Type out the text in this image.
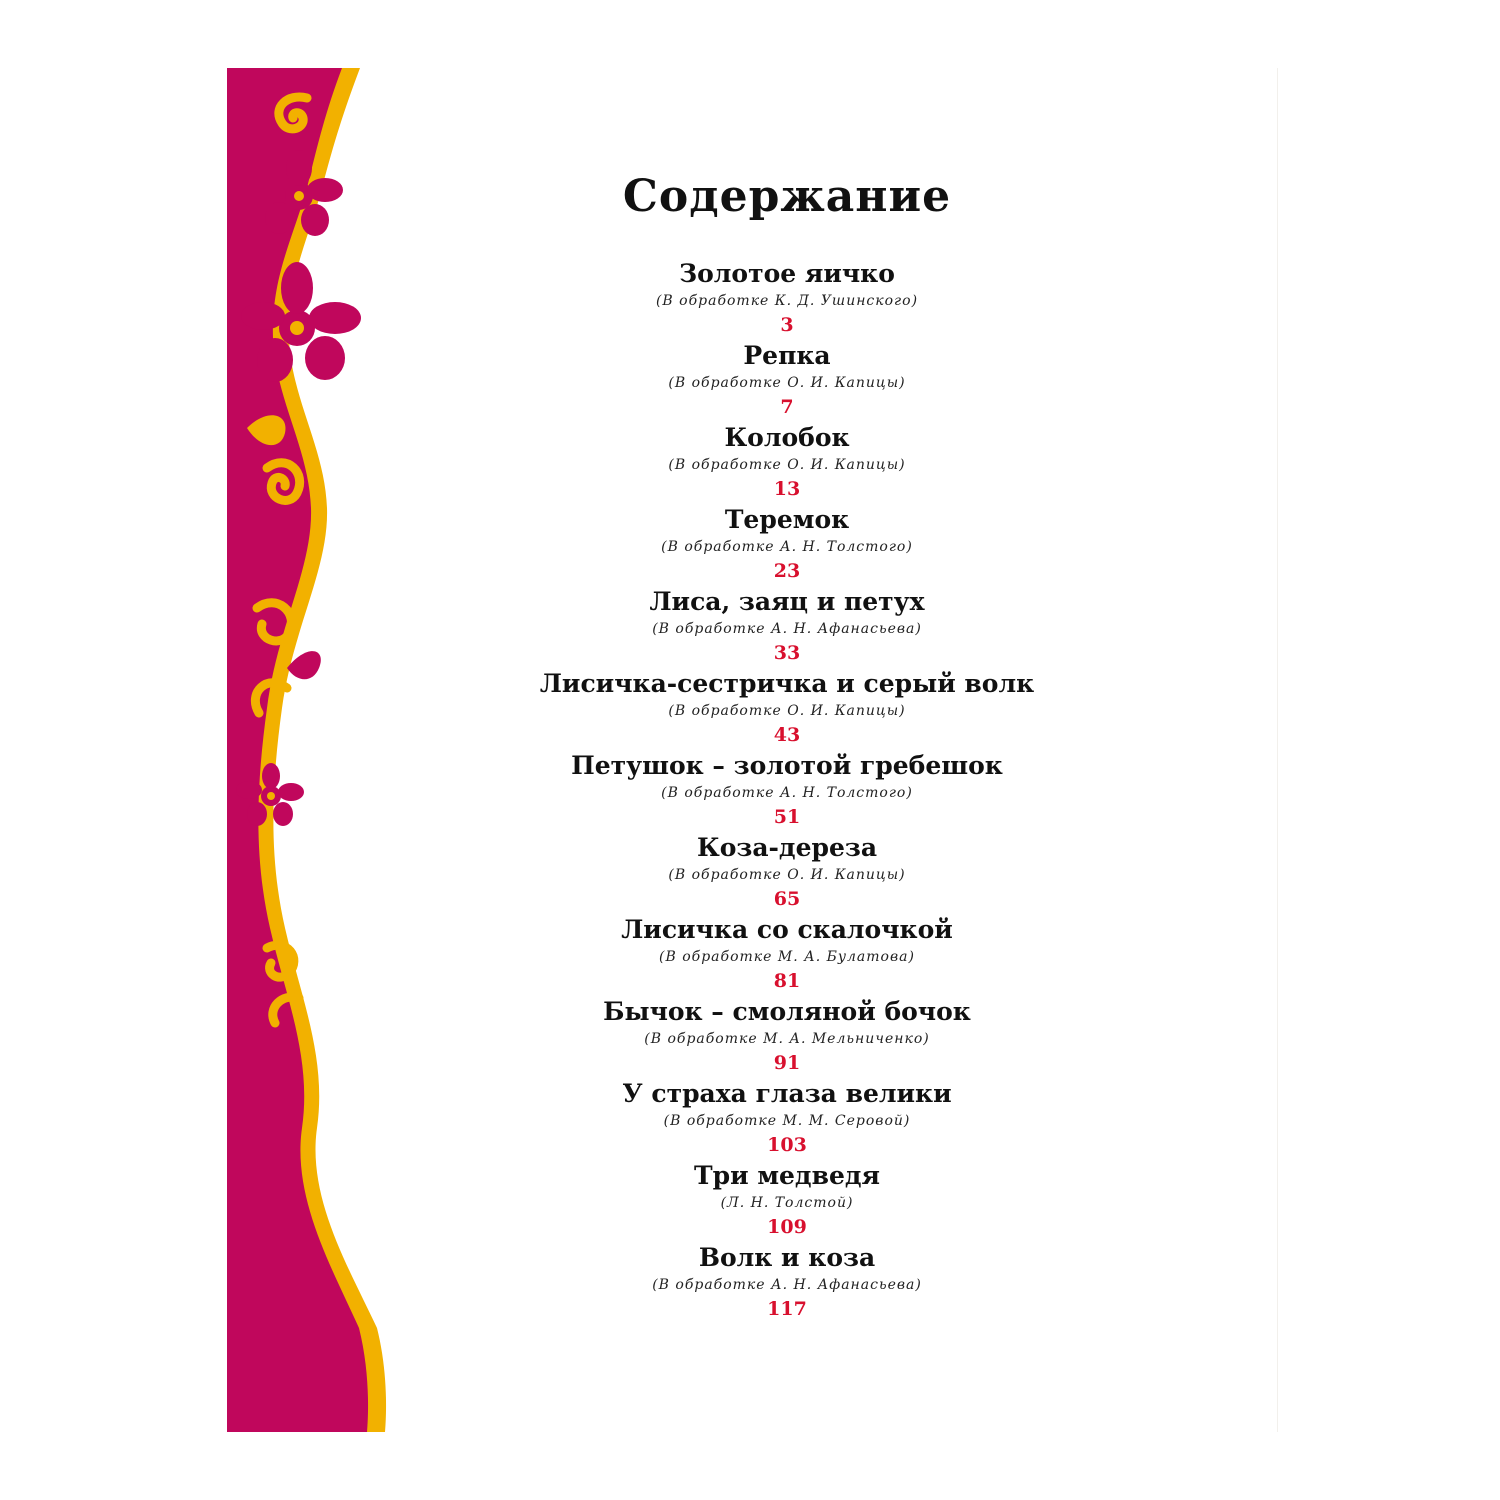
Содержание
Золотое яичко
(В обработке К. Д. Ушинского)
3
Репка
(В обработке О. И. Капицы)
7
Колобок
(В обработке О. И. Капицы)
13
Теремок
(В обработке А. Н. Толстого)
23
Лиса, заяц и петух
(В обработке А. Н. Афанасьева)
33
Лисичка-сестричка и серый волк
(В обработке О. И. Капицы)
43
Петушок – золотой гребешок
(В обработке А. Н. Толстого)
51
Коза-дереза
(В обработке О. И. Капицы)
65
Лисичка со скалочкой
(В обработке М. А. Булатова)
81
Бычок – смоляной бочок
(В обработке М. А. Мельниченко)
91
У страха глаза велики
(В обработке М. М. Серовой)
103
Три медведя
(Л. Н. Толстой)
109
Волк и коза
(В обработке А. Н. Афанасьева)
117
